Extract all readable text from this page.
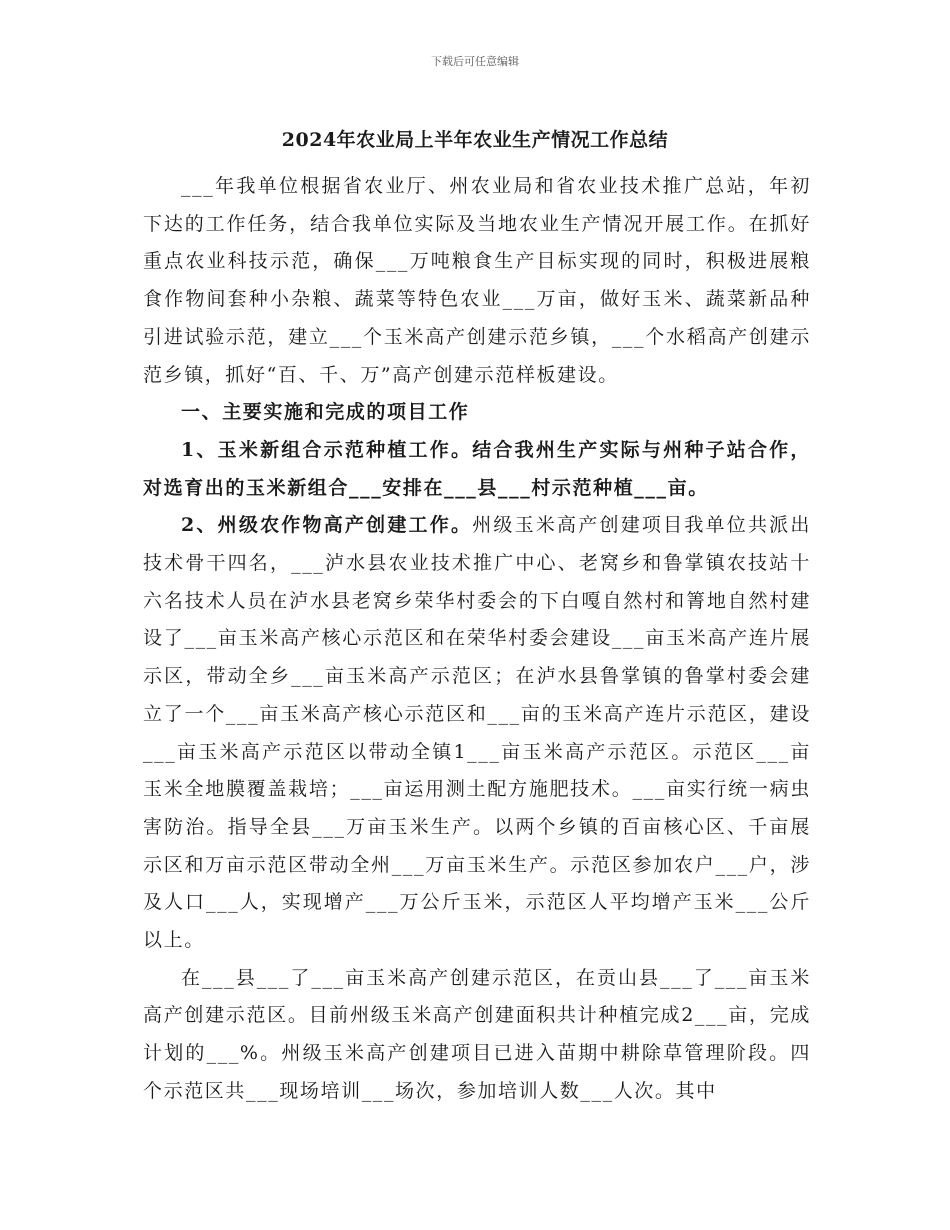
下载后可任意编辑
2024年农业局上半年农业生产情况工作总结

___年我单位根据省农业厅、州农业局和省农业技术推广总站，年初下达的工作任务，结合我单位实际及当地农业生产情况开展工作。在抓好重点农业科技示范，确保___万吨粮食生产目标实现的同时，积极进展粮食作物间套种小杂粮、蔬菜等特色农业___万亩，做好玉米、蔬菜新品种引进试验示范，建立___个玉米高产创建示范乡镇，___个水稻高产创建示范乡镇，抓好“百、千、万”高产创建示范样板建设。

一、主要实施和完成的项目工作

1、玉米新组合示范种植工作。结合我州生产实际与州种子站合作，对选育出的玉米新组合___安排在___县___村示范种植___亩。

2、州级农作物高产创建工作。州级玉米高产创建项目我单位共派出技术骨干四名，___泸水县农业技术推广中心、老窝乡和鲁掌镇农技站十六名技术人员在泸水县老窝乡荣华村委会的下白嘎自然村和箐地自然村建设了___亩玉米高产核心示范区和在荣华村委会建设___亩玉米高产连片展示区，带动全乡___亩玉米高产示范区；在泸水县鲁掌镇的鲁掌村委会建立了一个___亩玉米高产核心示范区和___亩的玉米高产连片示范区，建设___亩玉米高产示范区以带动全镇1___亩玉米高产示范区。示范区___亩玉米全地膜覆盖栽培；___亩运用测土配方施肥技术。___亩实行统一病虫害防治。指导全县___万亩玉米生产。以两个乡镇的百亩核心区、千亩展示区和万亩示范区带动全州___万亩玉米生产。示范区参加农户___户，涉及人口___人，实现增产___万公斤玉米，示范区人平均增产玉米___公斤以上。

在___县___了___亩玉米高产创建示范区，在贡山县___了___亩玉米高产创建示范区。目前州级玉米高产创建面积共计种植完成2___亩，完成计划的___%。州级玉米高产创建项目已进入苗期中耕除草管理阶段。四个示范区共___现场培训___场次，参加培训人数___人次。其中
